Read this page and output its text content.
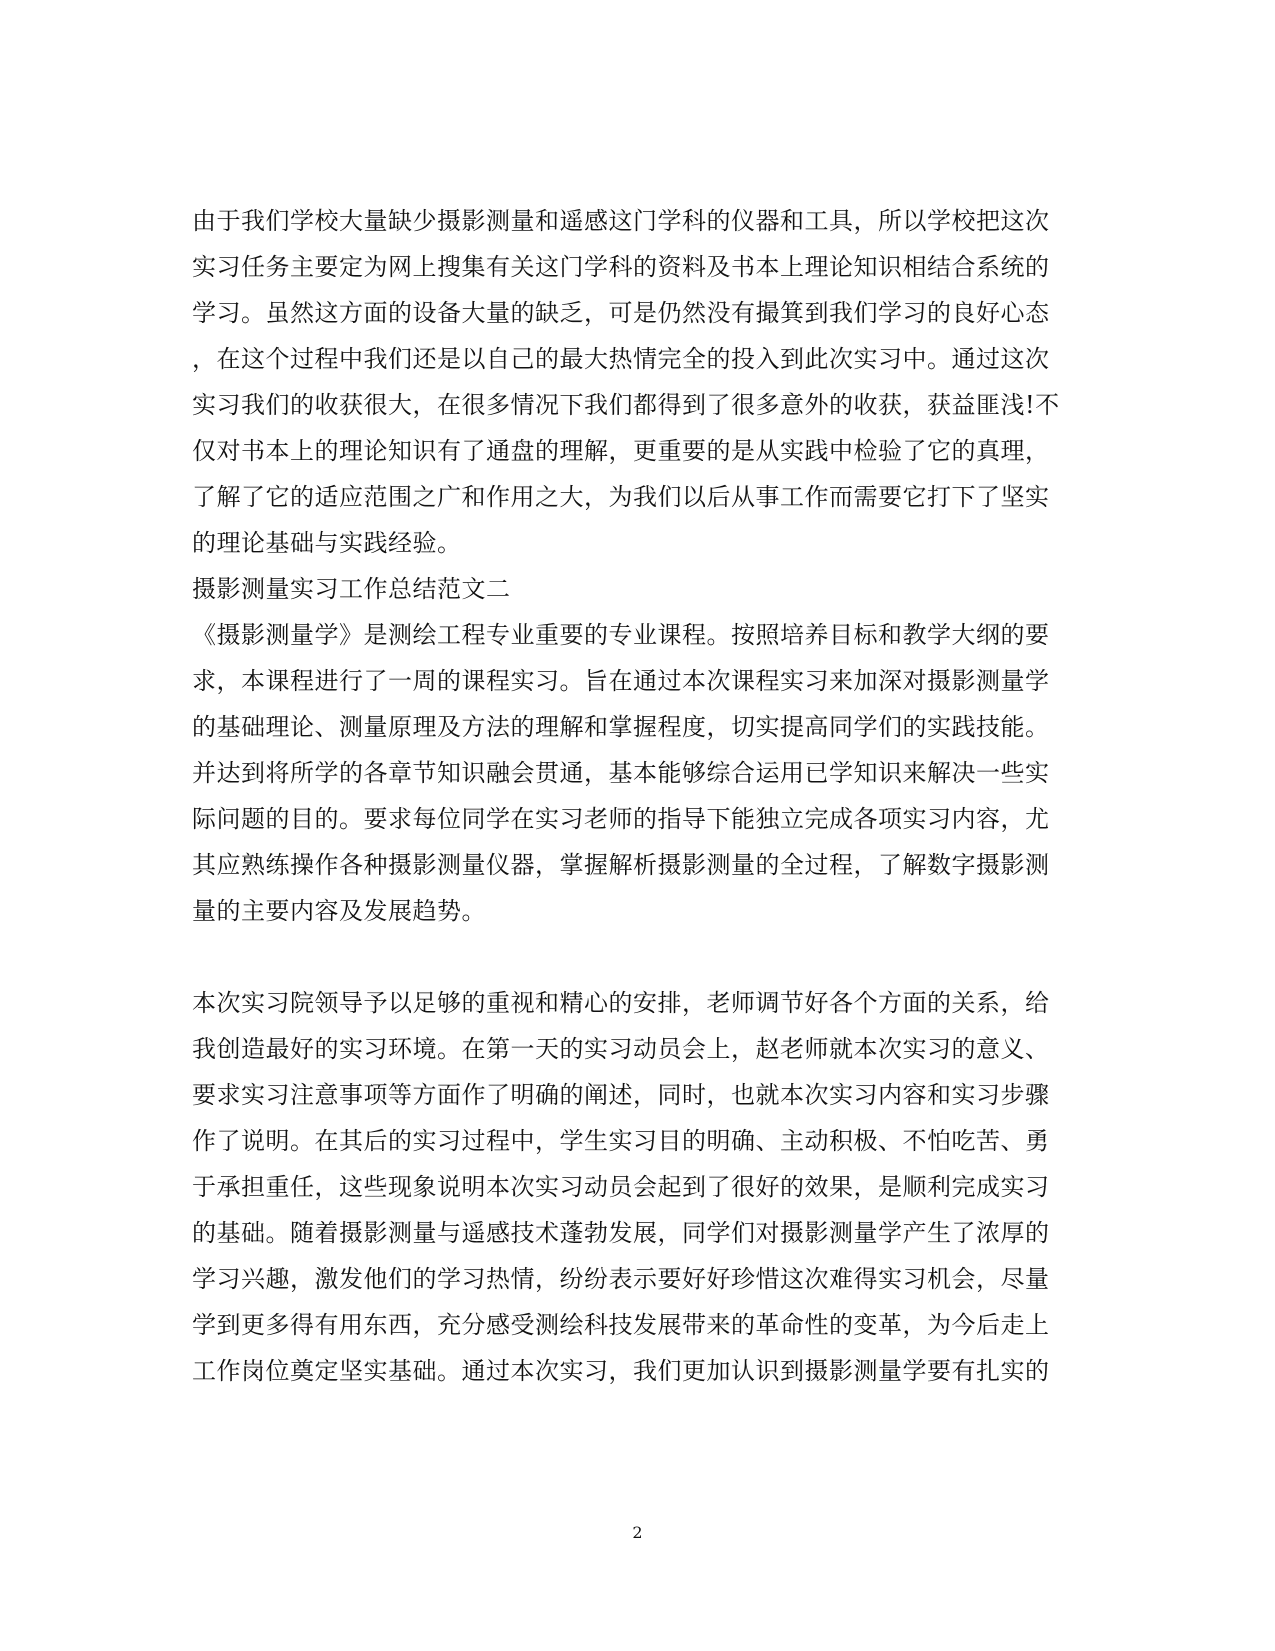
由于我们学校大量缺少摄影测量和遥感这门学科的仪器和工具，所以学校把这次
实习任务主要定为网上搜集有关这门学科的资料及书本上理论知识相结合系统的
学习。虽然这方面的设备大量的缺乏，可是仍然没有撮箕到我们学习的良好心态
，在这个过程中我们还是以自己的最大热情完全的投入到此次实习中。通过这次
实习我们的收获很大，在很多情况下我们都得到了很多意外的收获，获益匪浅!不
仅对书本上的理论知识有了通盘的理解，更重要的是从实践中检验了它的真理，
了解了它的适应范围之广和作用之大，为我们以后从事工作而需要它打下了坚实
的理论基础与实践经验。
摄影测量实习工作总结范文二
《摄影测量学》是测绘工程专业重要的专业课程。按照培养目标和教学大纲的要
求，本课程进行了一周的课程实习。旨在通过本次课程实习来加深对摄影测量学
的基础理论、测量原理及方法的理解和掌握程度，切实提高同学们的实践技能。
并达到将所学的各章节知识融会贯通，基本能够综合运用已学知识来解决一些实
际问题的目的。要求每位同学在实习老师的指导下能独立完成各项实习内容，尤
其应熟练操作各种摄影测量仪器，掌握解析摄影测量的全过程，了解数字摄影测
量的主要内容及发展趋势。
本次实习院领导予以足够的重视和精心的安排，老师调节好各个方面的关系，给
我创造最好的实习环境。在第一天的实习动员会上，赵老师就本次实习的意义、
要求实习注意事项等方面作了明确的阐述，同时，也就本次实习内容和实习步骤
作了说明。在其后的实习过程中，学生实习目的明确、主动积极、不怕吃苦、勇
于承担重任，这些现象说明本次实习动员会起到了很好的效果，是顺利完成实习
的基础。随着摄影测量与遥感技术蓬勃发展，同学们对摄影测量学产生了浓厚的
学习兴趣，激发他们的学习热情，纷纷表示要好好珍惜这次难得实习机会，尽量
学到更多得有用东西，充分感受测绘科技发展带来的革命性的变革，为今后走上
工作岗位奠定坚实基础。通过本次实习，我们更加认识到摄影测量学要有扎实的
2
